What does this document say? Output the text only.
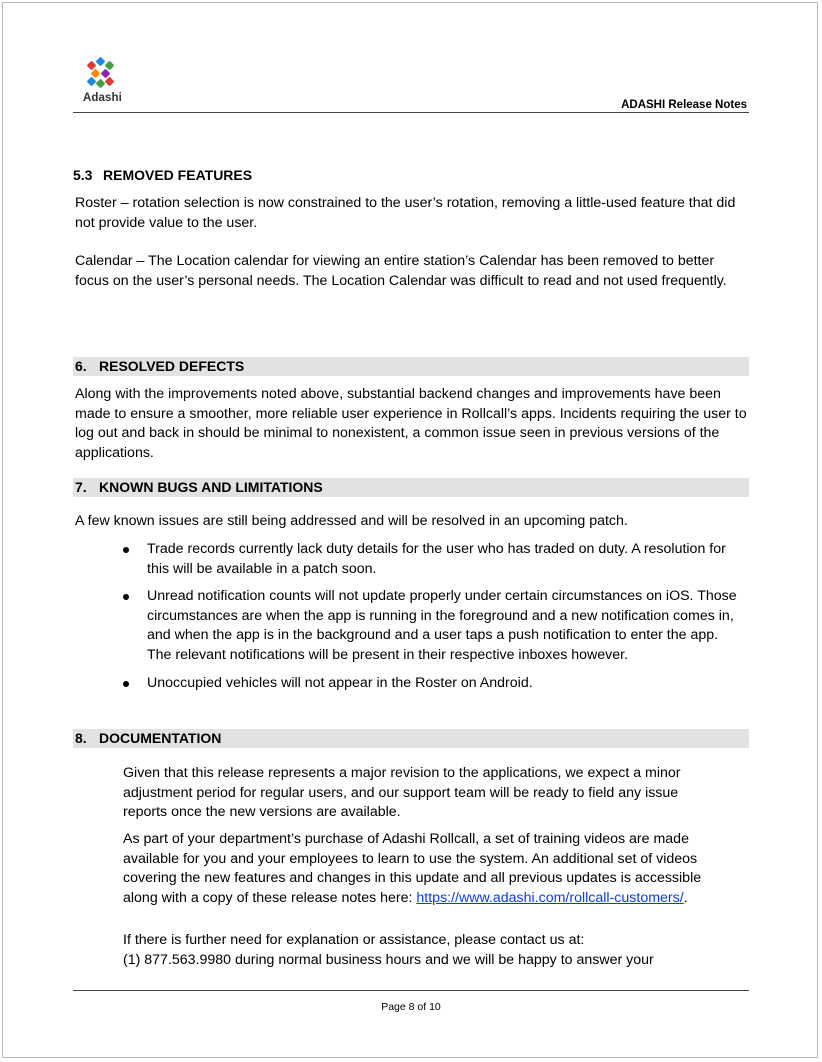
Adashi
ADASHI Release Notes
5.3 REMOVED FEATURES

Roster – rotation selection is now constrained to the user’s rotation, removing a little-used feature that did not provide value to the user.

Calendar – The Location calendar for viewing an entire station’s Calendar has been removed to better focus on the user’s personal needs. The Location Calendar was difficult to read and not used frequently.

6. RESOLVED DEFECTS

Along with the improvements noted above, substantial backend changes and improvements have been made to ensure a smoother, more reliable user experience in Rollcall’s apps. Incidents requiring the user to log out and back in should be minimal to nonexistent, a common issue seen in previous versions of the applications.

7. KNOWN BUGS AND LIMITATIONS

A few known issues are still being addressed and will be resolved in an upcoming patch.

Trade records currently lack duty details for the user who has traded on duty. A resolution for this will be available in a patch soon.
Unread notification counts will not update properly under certain circumstances on iOS. Those circumstances are when the app is running in the foreground and a new notification comes in, and when the app is in the background and a user taps a push notification to enter the app. The relevant notifications will be present in their respective inboxes however.
Unoccupied vehicles will not appear in the Roster on Android.
8. DOCUMENTATION

Given that this release represents a major revision to the applications, we expect a minor adjustment period for regular users, and our support team will be ready to field any issue reports once the new versions are available.

As part of your department’s purchase of Adashi Rollcall, a set of training videos are made available for you and your employees to learn to use the system. An additional set of videos covering the new features and changes in this update and all previous updates is accessible along with a copy of these release notes here: https://www.adashi.com/rollcall-customers/.

If there is further need for explanation or assistance, please contact us at:

(1) 877.563.9980 during normal business hours and we will be happy to answer your

Page 8 of 10
